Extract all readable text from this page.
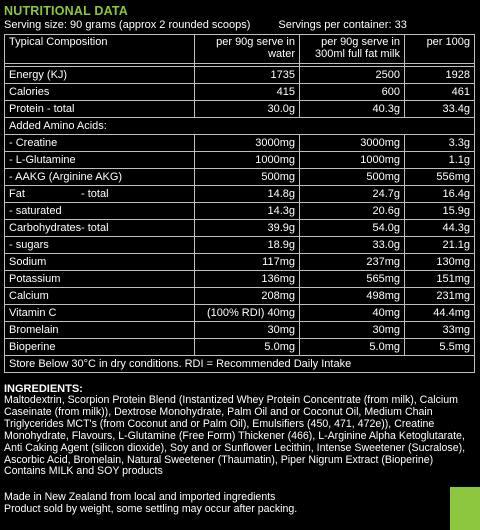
NUTRITIONAL DATA
Serving size: 90 grams (approx 2 rounded scoops)	Servings per container: 33
Typical Composition	per 90g serve in water	per 90g serve in 300ml full fat milk	per 100g

Energy (KJ)	1735	2500	1928
Calories	415	600	461
Protein - total	30.0g	40.3g	33.4g
Added Amino Acids:			
- Creatine	3000mg	3000mg	3.3g
- L-Glutamine	1000mg	1000mg	1.1g
- AAKG (Arginine AKG)	500mg	500mg	556mg
Fat - total	14.8g	24.7g	16.4g
- saturated	14.3g	20.6g	15.9g
Carbohydrates- total	39.9g	54.0g	44.3g
- sugars	18.9g	33.0g	21.1g
Sodium	117mg	237mg	130mg
Potassium	136mg	565mg	151mg
Calcium	208mg	498mg	231mg
Vitamin C	(100% RDI) 40mg	40mg	44.4mg
Bromelain	30mg	30mg	33mg
Bioperine	5.0mg	5.0mg	5.5mg
Store Below 30°C in dry conditions. RDI = Recommended Daily Intake			
INGREDIENTS:
Maltodextrin, Scorpion Protein Blend (Instantized Whey Protein Concentrate (from milk), Calcium Caseinate (from milk)), Dextrose Monohydrate, Palm Oil and or Coconut Oil, Medium Chain Triglycerides MCT's (from Coconut and or Palm Oil), Emulsifiers (450, 471, 472e)), Creatine Monohydrate, Flavours, L-Glutamine (Free Form) Thickener (466), L-Arginine Alpha Ketoglutarate, Anti Caking Agent (silicon dioxide), Soy and or Sunflower Lecithin, Intense Sweetener (Sucralose), Ascorbic Acid, Bromelain, Natural Sweetener (Thaumatin), Piper Nigrum Extract (Bioperine)
Contains MILK and SOY products
Made in New Zealand from local and imported ingredients
Product sold by weight, some settling may occur after packing.
